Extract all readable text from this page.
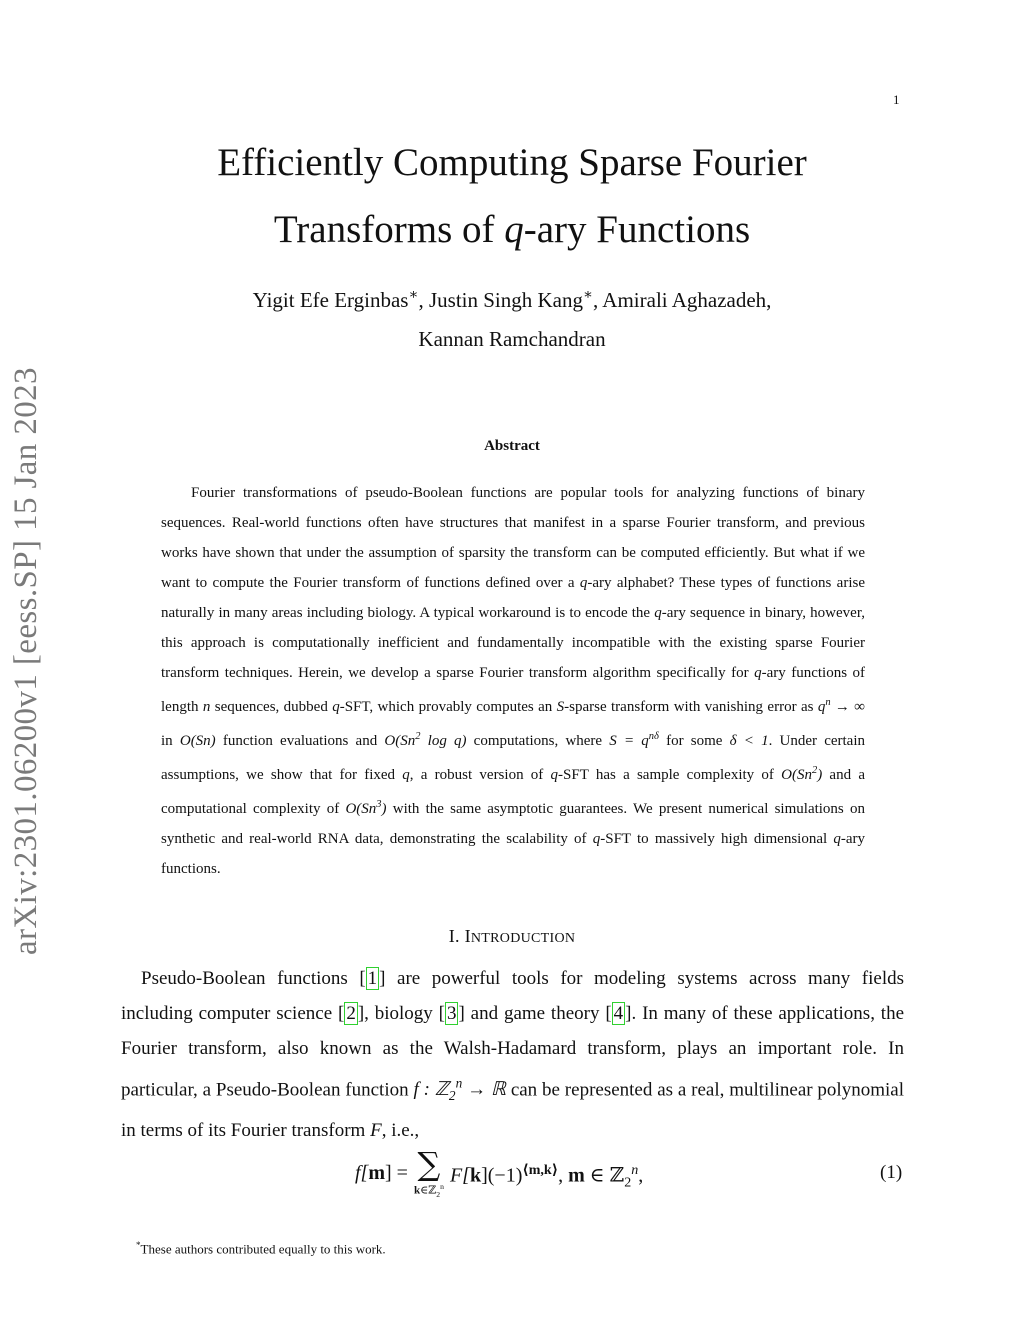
1
arXiv:2301.06200v1 [eess.SP] 15 Jan 2023
Efficiently Computing Sparse Fourier
Transforms of q-ary Functions
Yigit Efe Erginbas∗, Justin Singh Kang∗, Amirali Aghazadeh,
Kannan Ramchandran
Abstract
Fourier transformations of pseudo-Boolean functions are popular tools for analyzing functions of binary sequences. Real-world functions often have structures that manifest in a sparse Fourier transform, and previous works have shown that under the assumption of sparsity the transform can be computed efficiently. But what if we want to compute the Fourier transform of functions defined over a q-ary alphabet? These types of functions arise naturally in many areas including biology. A typical workaround is to encode the q-ary sequence in binary, however, this approach is computationally inefficient and fundamentally incompatible with the existing sparse Fourier transform techniques. Herein, we develop a sparse Fourier transform algorithm specifically for q-ary functions of length n sequences, dubbed q-SFT, which provably computes an S-sparse transform with vanishing error as $q^n$ → ∞ in O(Sn) function evaluations and O(Sn$^2$ log q) computations, where $S = q^{n\delta}$ for some δ < 1. Under certain assumptions, we show that for fixed q, a robust version of q-SFT has a sample complexity of O(Sn$^2$) and a computational complexity of O(Sn$^3$) with the same asymptotic guarantees. We present numerical simulations on synthetic and real-world RNA data, demonstrating the scalability of q-SFT to massively high dimensional q-ary functions.
I. INTRODUCTION
Pseudo-Boolean functions [ 1 ] are powerful tools for modeling systems across many fields including computer science [ 2 ], biology [ 3 ] and game theory [ 4 ]. In many of these applications, the Fourier transform, also known as the Walsh-Hadamard transform, plays an important role. In particular, a Pseudo-Boolean function f : ℤ$_2^n$ → ℝ can be represented as a real, multilinear polynomial in terms of its Fourier transform F, i.e.,
f[m] = ∑
k∈ℤ$_2^n$ $F[k](-1)^{⟨m,k⟩}$, m ∈ ℤ$_2^n$,	(1)
*These authors contributed equally to this work.
